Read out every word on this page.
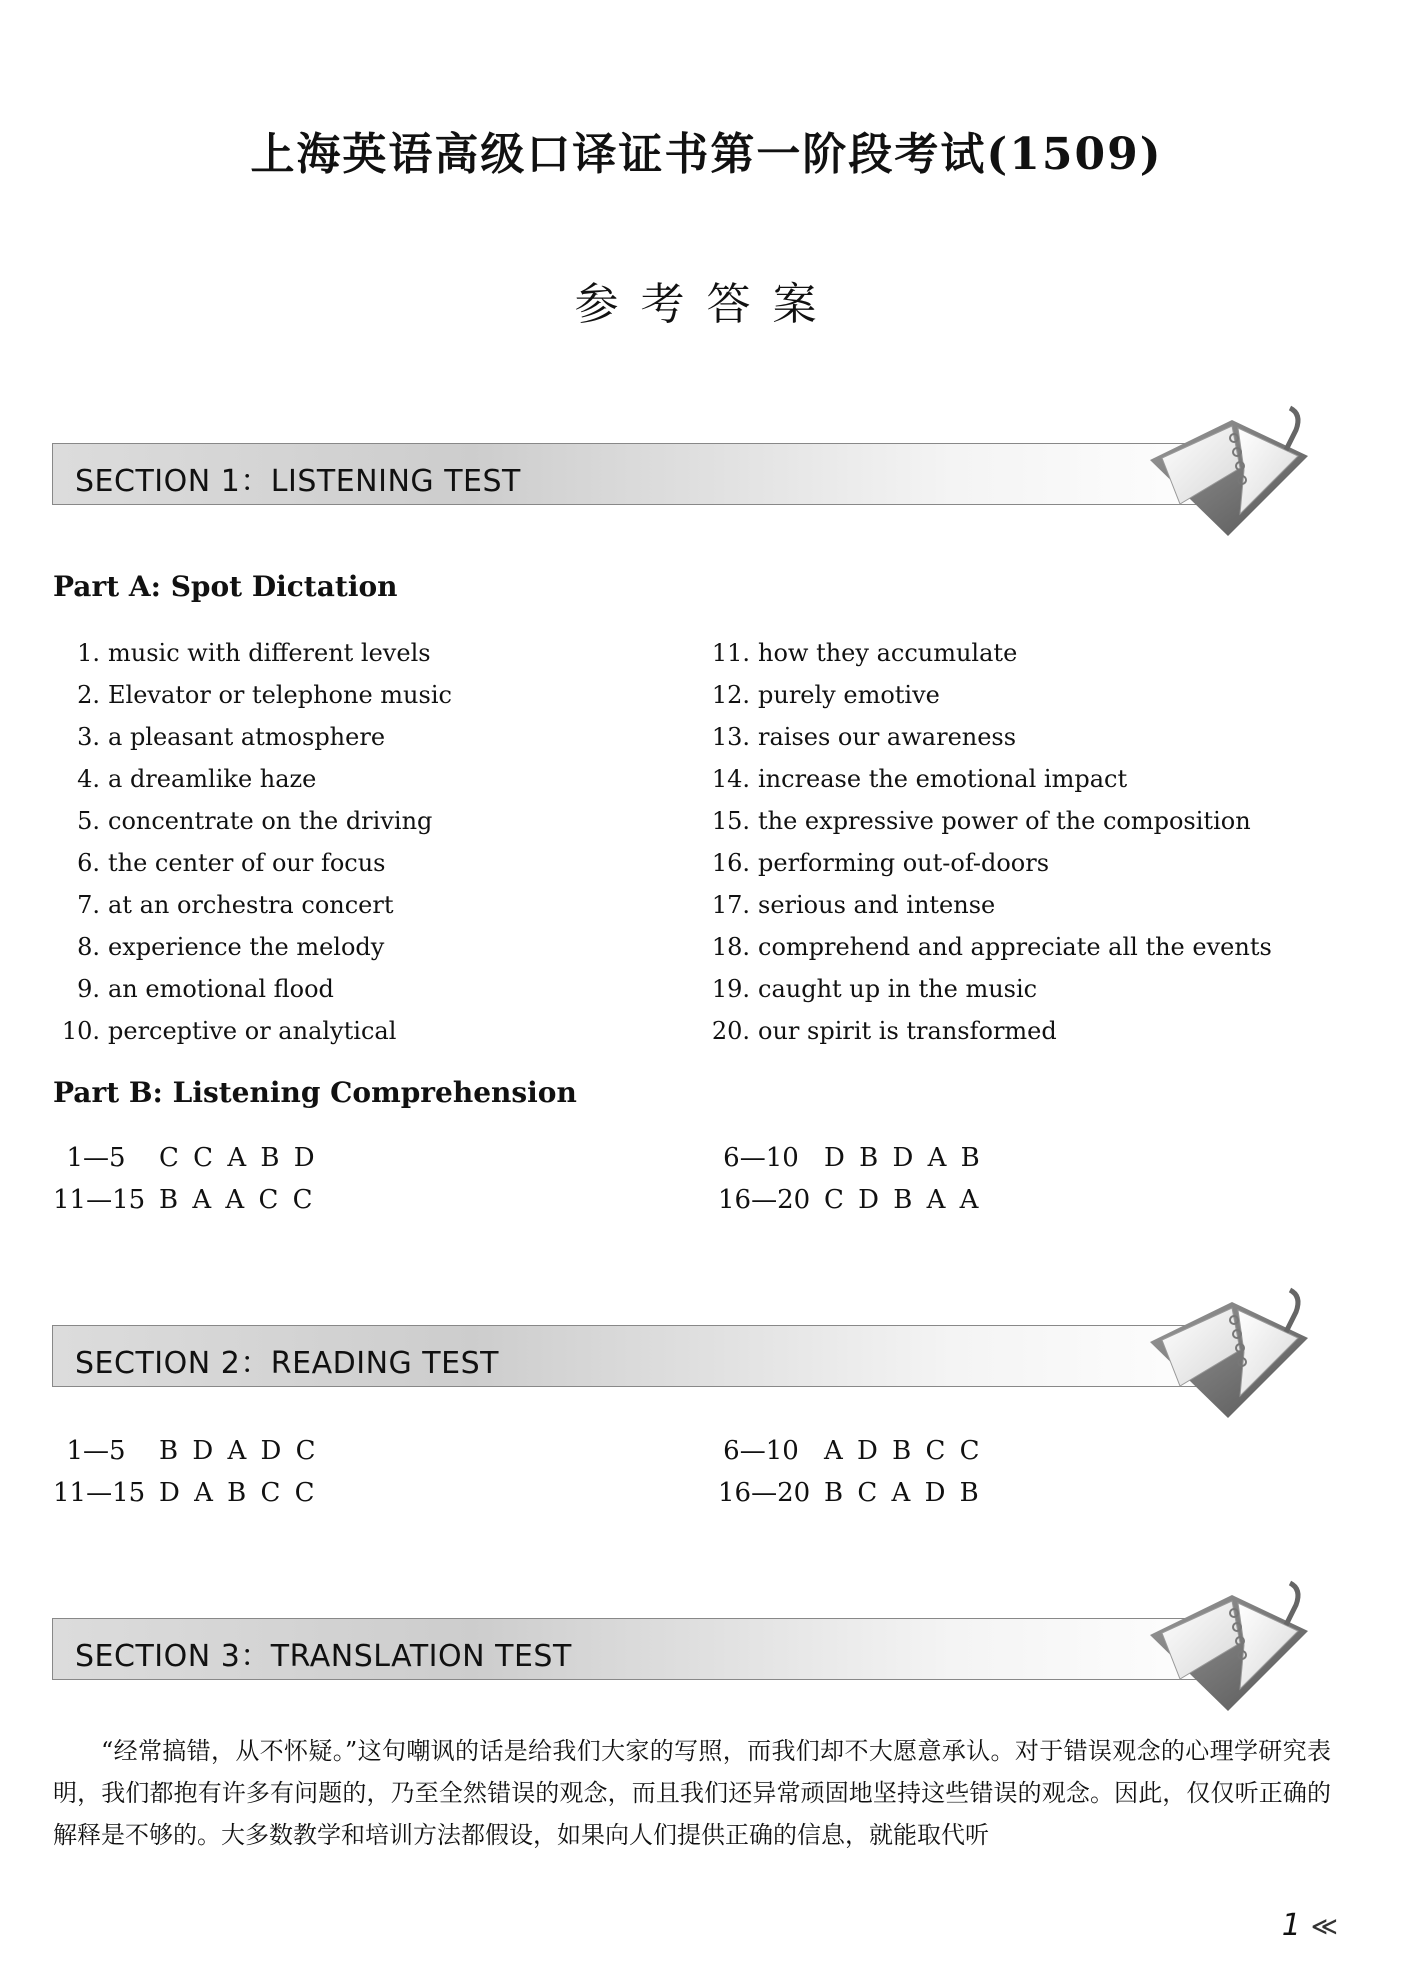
上海英语高级口译证书第一阶段考试(1509)
参考答案
SECTION 1：LISTENING TEST
Part A: Spot Dictation
1. music with different levels
2. Elevator or telephone music
3. a pleasant atmosphere
4. a dreamlike haze
5. concentrate on the driving
6. the center of our focus
7. at an orchestra concert
8. experience the melody
9. an emotional flood
10. perceptive or analytical
11. how they accumulate
12. purely emotive
13. raises our awareness
14. increase the emotional impact
15. the expressive power of the composition
16. performing out-of-doors
17. serious and intense
18. comprehend and appreciate all the events
19. caught up in the music
20. our spirit is transformed
Part B: Listening Comprehension
1—5 C C A B D	6—10 D B D A B
11—15 B A A C C	16—20 C D B A A
SECTION 2：READING TEST
1—5 B D A D C	6—10 A D B C C
11—15 D A B C C	16—20 B C A D B
SECTION 3：TRANSLATION TEST
“经常搞错，从不怀疑。”这句嘲讽的话是给我们大家的写照，而我们却不大愿意承认。对于错误观念的心理学研究表明，我们都抱有许多有问题的，乃至全然错误的观念，而且我们还异常顽固地坚持这些错误的观念。因此，仅仅听正确的解释是不够的。大多数教学和培训方法都假设，如果向人们提供正确的信息，就能取代听
1 ≪
